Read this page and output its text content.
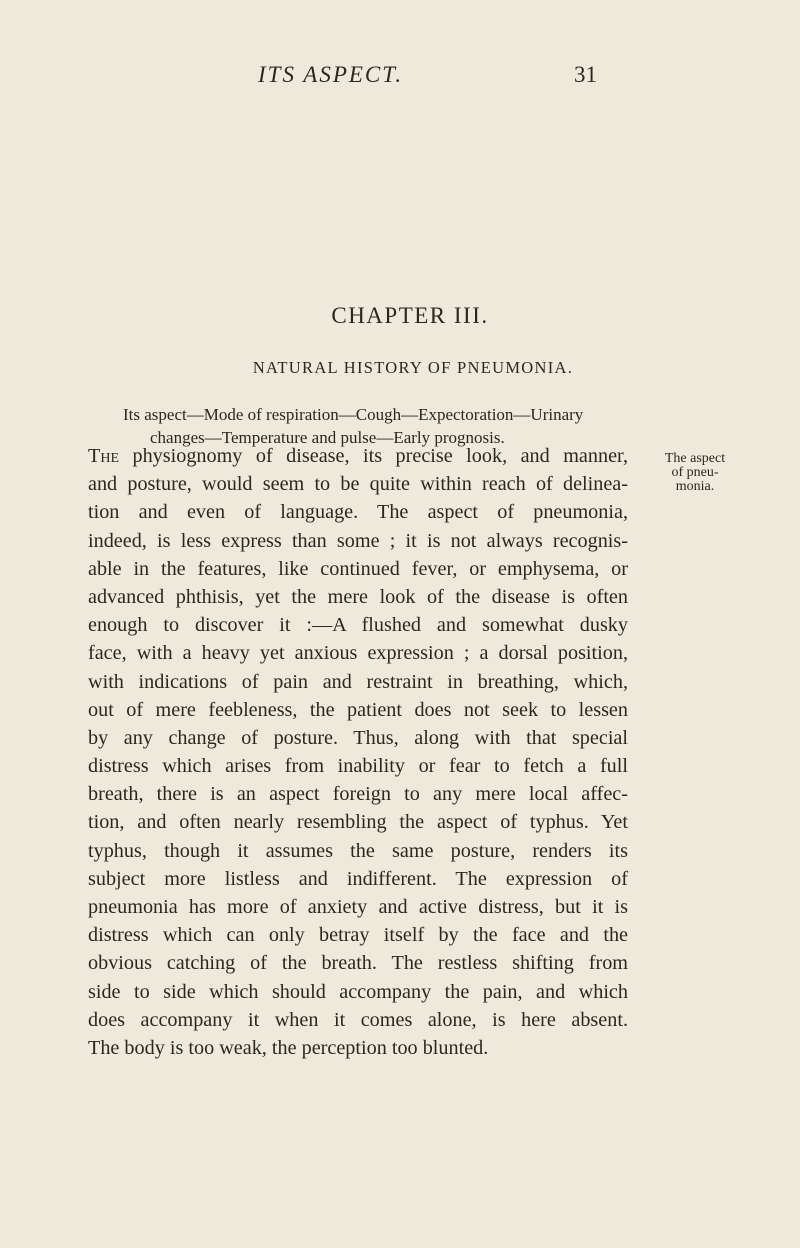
ITS ASPECT.	31
CHAPTER III.
NATURAL HISTORY OF PNEUMONIA.
Its aspect—Mode of respiration—Cough—Expectoration—Urinary
changes—Temperature and pulse—Early prognosis.
The aspect
of pneu-
monia.
The physiognomy of disease, its precise look, and manner,
and posture, would seem to be quite within reach of delinea-
tion and even of language. The aspect of pneumonia,
indeed, is less express than some ; it is not always recognis-
able in the features, like continued fever, or emphysema, or
advanced phthisis, yet the mere look of the disease is often
enough to discover it :—A flushed and somewhat dusky
face, with a heavy yet anxious expression ; a dorsal position,
with indications of pain and restraint in breathing, which,
out of mere feebleness, the patient does not seek to lessen
by any change of posture. Thus, along with that special
distress which arises from inability or fear to fetch a full
breath, there is an aspect foreign to any mere local affec-
tion, and often nearly resembling the aspect of typhus. Yet
typhus, though it assumes the same posture, renders its
subject more listless and indifferent. The expression of
pneumonia has more of anxiety and active distress, but it is
distress which can only betray itself by the face and the
obvious catching of the breath. The restless shifting from
side to side which should accompany the pain, and which
does accompany it when it comes alone, is here absent.
The body is too weak, the perception too blunted.
